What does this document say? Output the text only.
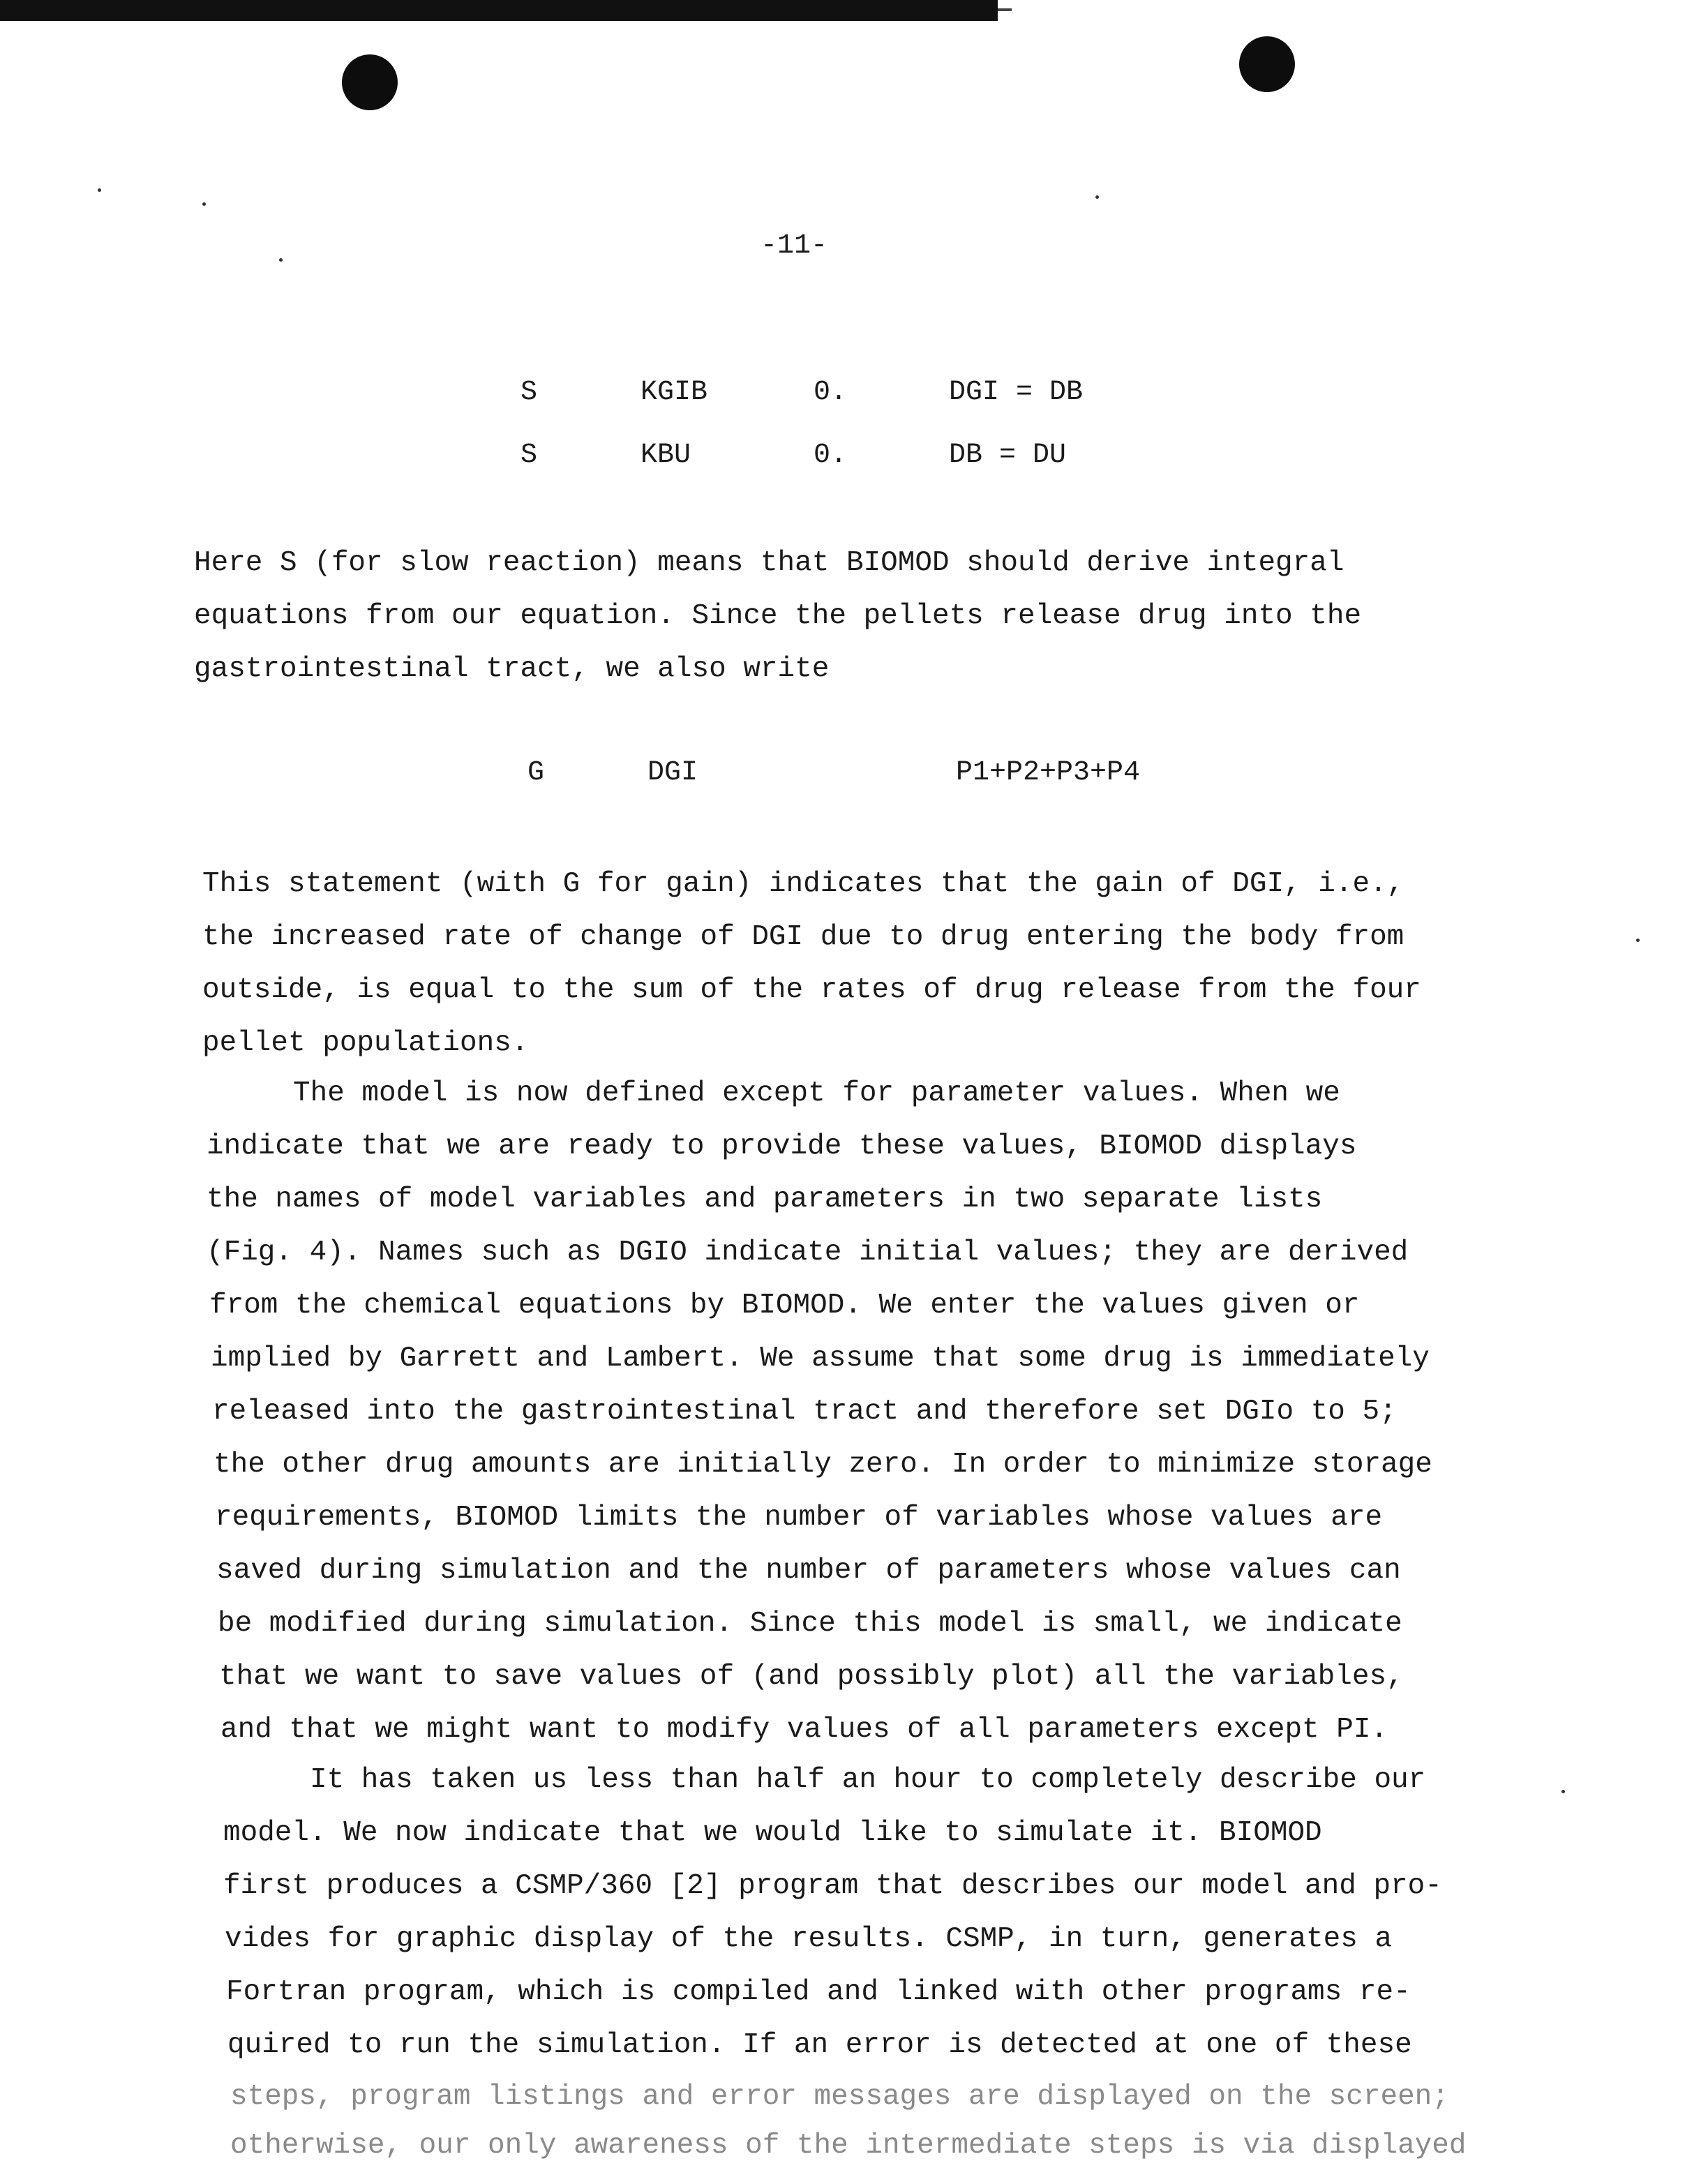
-11-
S	KGIB	0.	DGI = DB
S	KBU	0.	DB = DU
Here S (for slow reaction) means that BIOMOD should derive integral
equations from our equation. Since the pellets release drug into the
gastrointestinal tract, we also write
G	DGI	P1+P2+P3+P4
This statement (with G for gain) indicates that the gain of DGI, i.e.,
the increased rate of change of DGI due to drug entering the body from
outside, is equal to the sum of the rates of drug release from the four
pellet populations.
The model is now defined except for parameter values. When we
indicate that we are ready to provide these values, BIOMOD displays
the names of model variables and parameters in two separate lists
(Fig. 4). Names such as DGIO indicate initial values; they are derived
from the chemical equations by BIOMOD. We enter the values given or
implied by Garrett and Lambert. We assume that some drug is immediately
released into the gastrointestinal tract and therefore set DGIo to 5;
the other drug amounts are initially zero. In order to minimize storage
requirements, BIOMOD limits the number of variables whose values are
saved during simulation and the number of parameters whose values can
be modified during simulation. Since this model is small, we indicate
that we want to save values of (and possibly plot) all the variables,
and that we might want to modify values of all parameters except PI.
It has taken us less than half an hour to completely describe our
model. We now indicate that we would like to simulate it. BIOMOD
first produces a CSMP/360 [2] program that describes our model and pro-
vides for graphic display of the results. CSMP, in turn, generates a
Fortran program, which is compiled and linked with other programs re-
quired to run the simulation. If an error is detected at one of these
steps, program listings and error messages are displayed on the screen;
otherwise, our only awareness of the intermediate steps is via displayed
